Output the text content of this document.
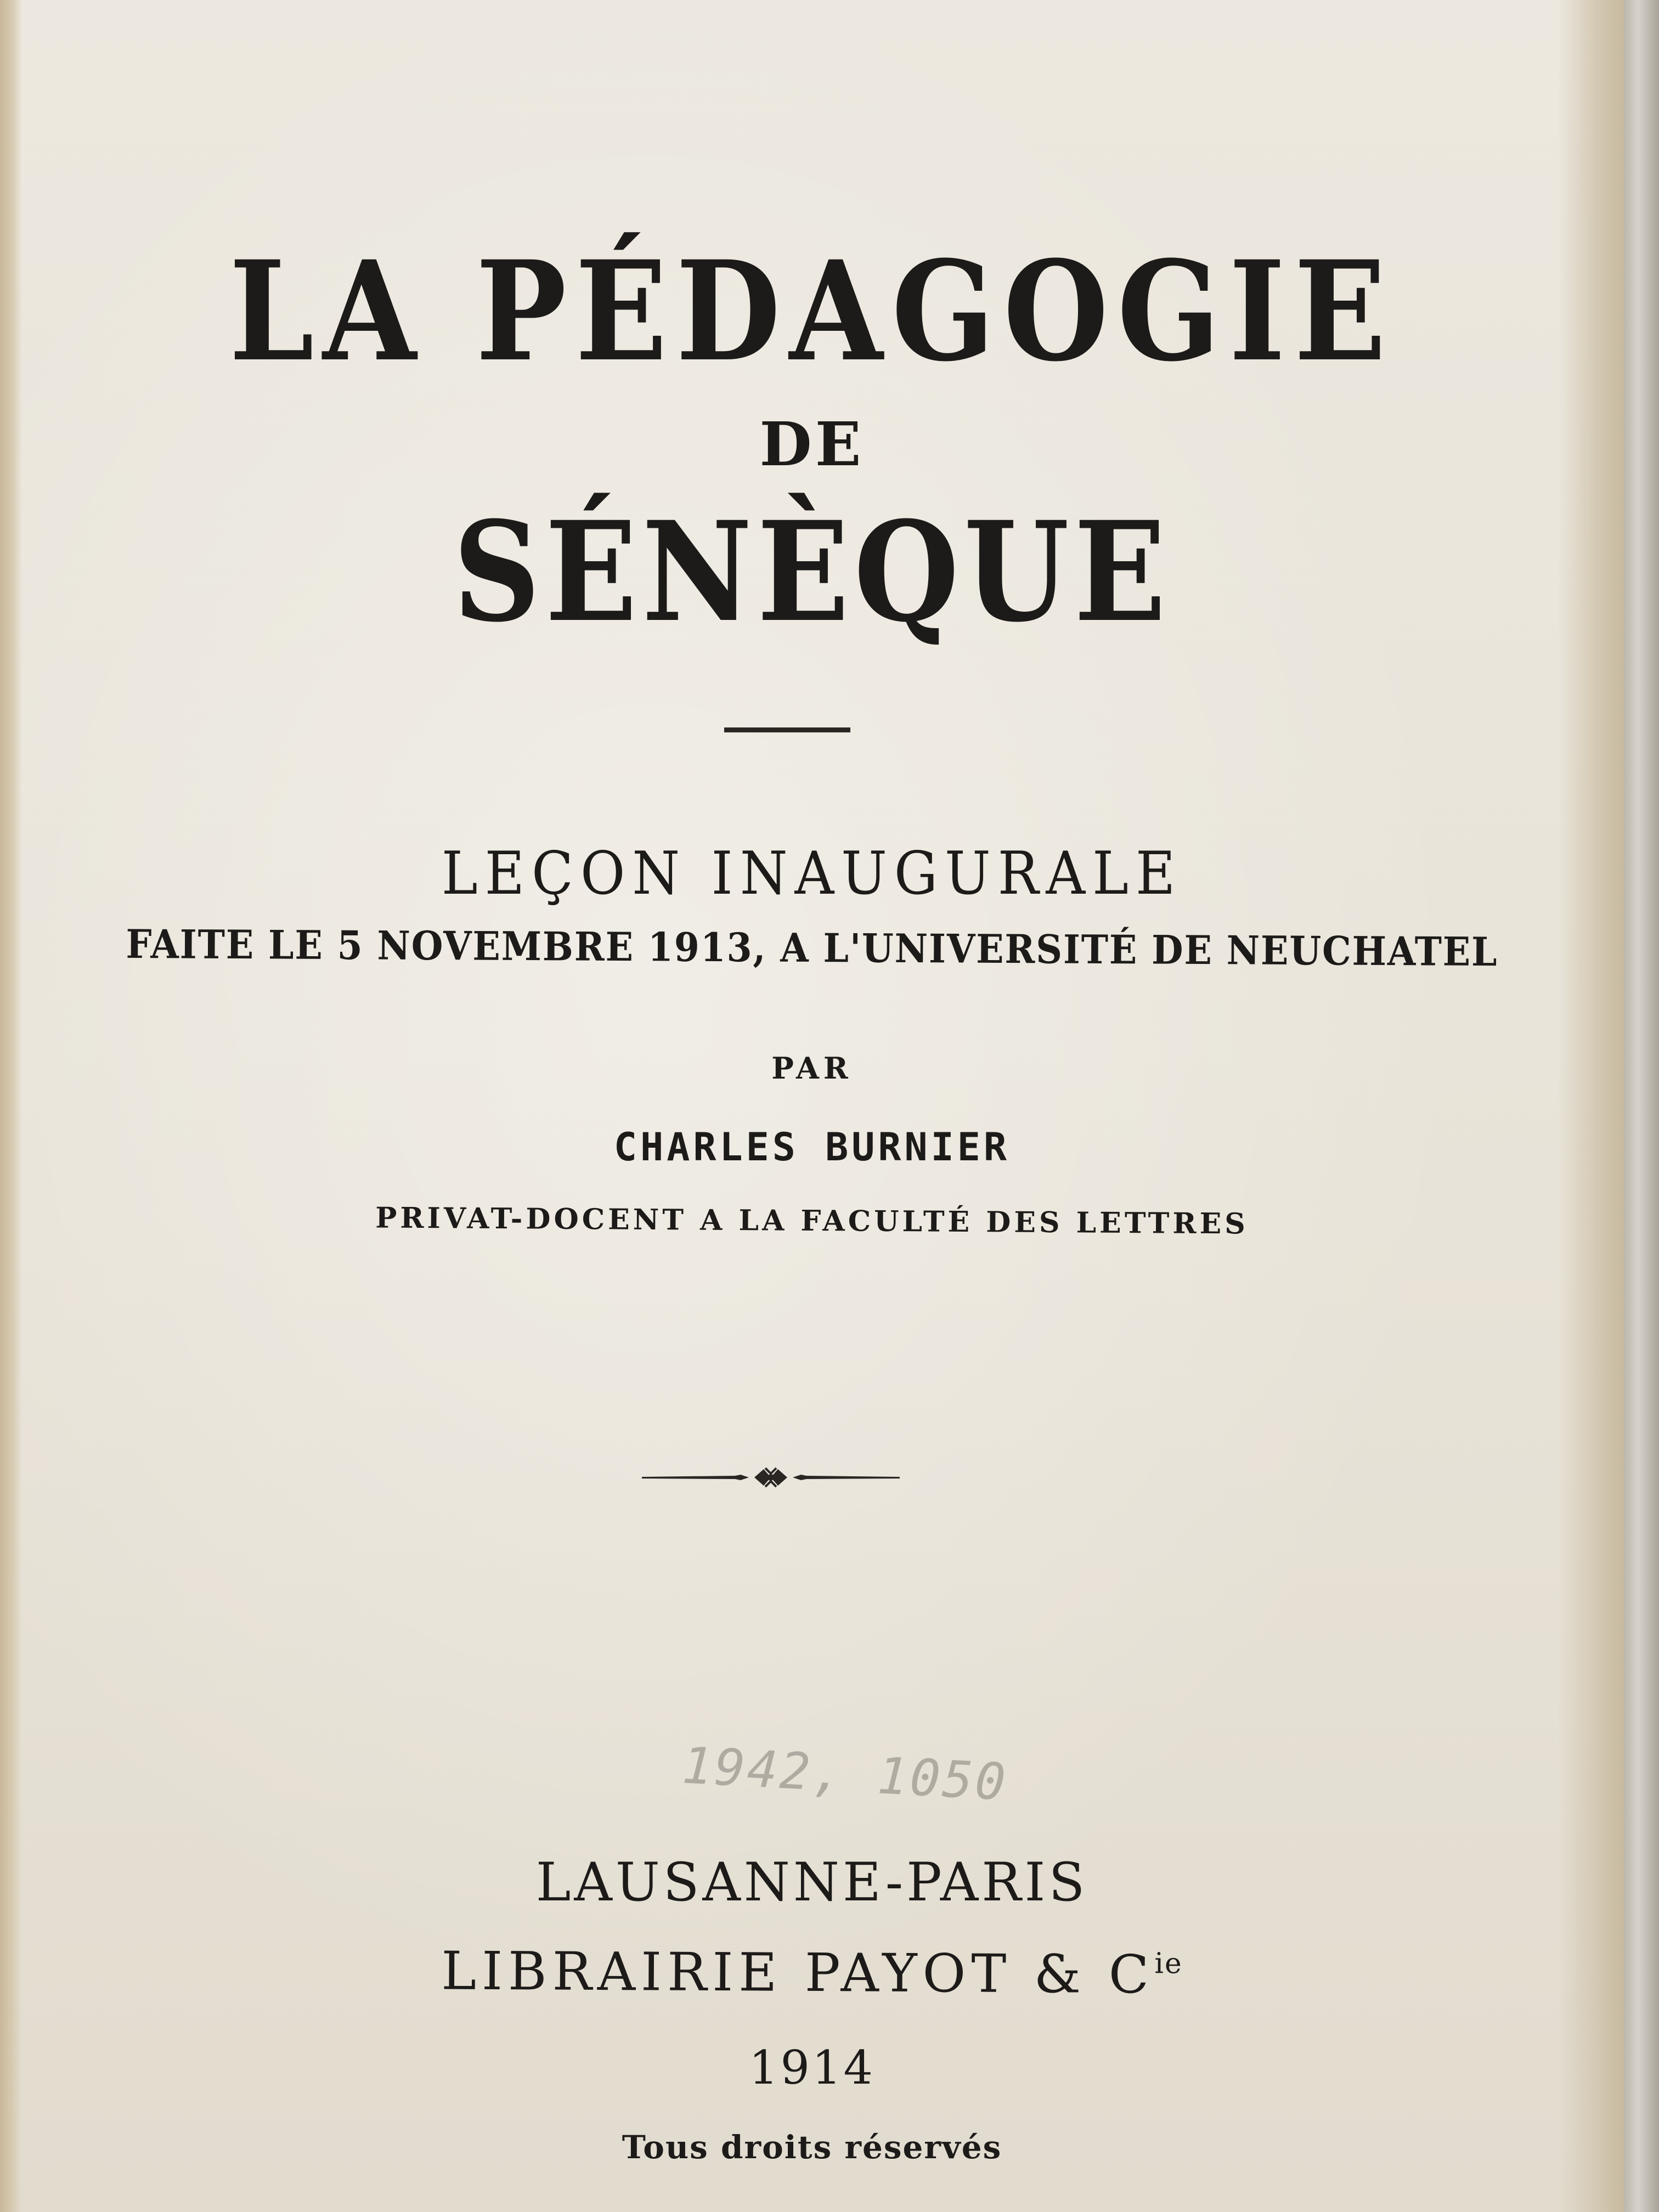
LA PÉDAGOGIE
DE
SÉNÈQUE
LEÇON INAUGURALE
FAITE LE 5 NOVEMBRE 1913, A L'UNIVERSITÉ DE NEUCHATEL
PAR
CHARLES BURNIER
PRIVAT-DOCENT A LA FACULTÉ DES LETTRES
1942, 1050
LAUSANNE-PARIS
LIBRAIRIE PAYOT & $C^{ie}$
1914
Tous droits réservés
